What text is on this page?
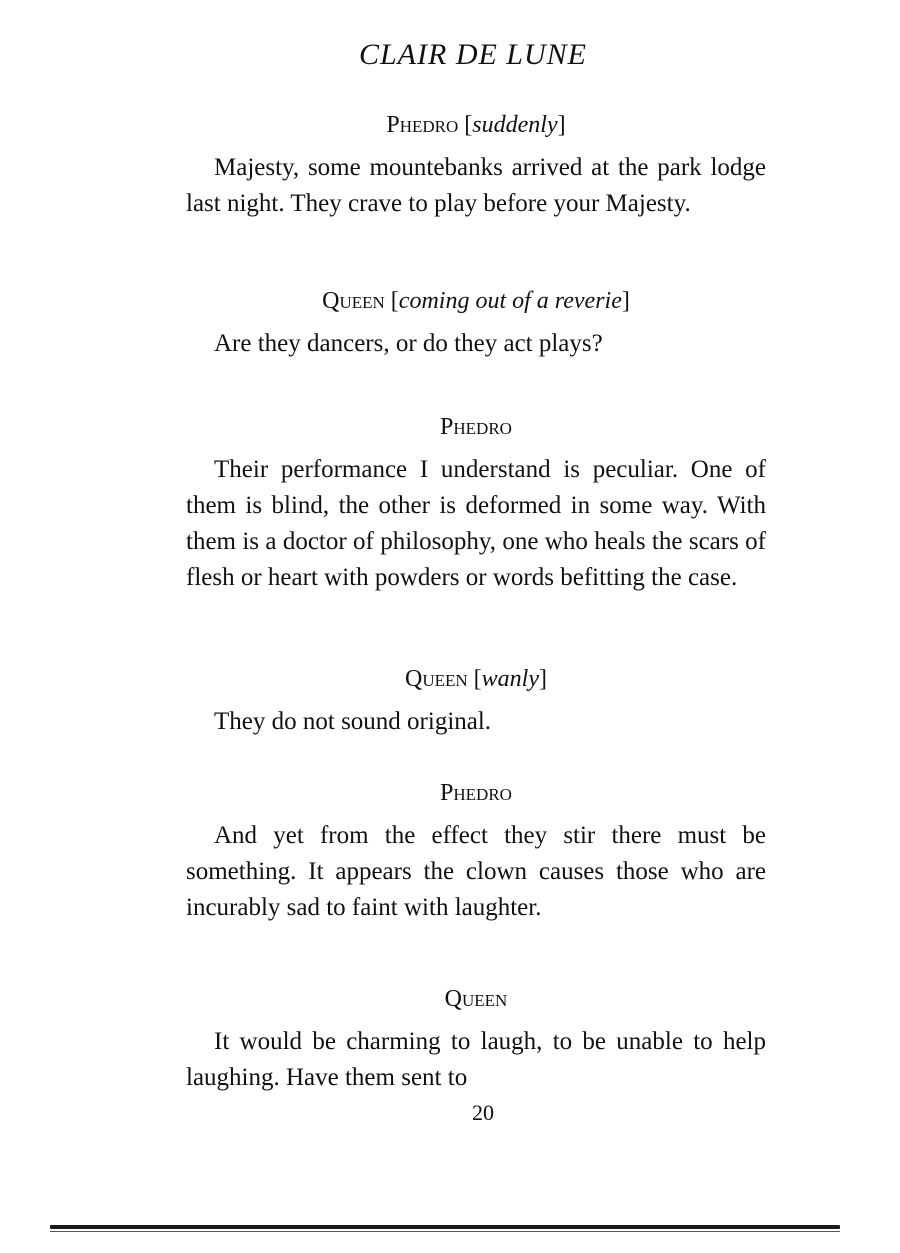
CLAIR DE LUNE
Phedro [suddenly]

Majesty, some mountebanks arrived at the park lodge last night. They crave to play before your Majesty.

Queen [coming out of a reverie]

Are they dancers, or do they act plays?

Phedro

Their performance I understand is peculiar. One of them is blind, the other is deformed in some way. With them is a doctor of philosophy, one who heals the scars of flesh or heart with powders or words befitting the case.

Queen [wanly]

They do not sound original.

Phedro

And yet from the effect they stir there must be something. It appears the clown causes those who are incurably sad to faint with laughter.

Queen

It would be charming to laugh, to be unable to help laughing. Have them sent to

20
